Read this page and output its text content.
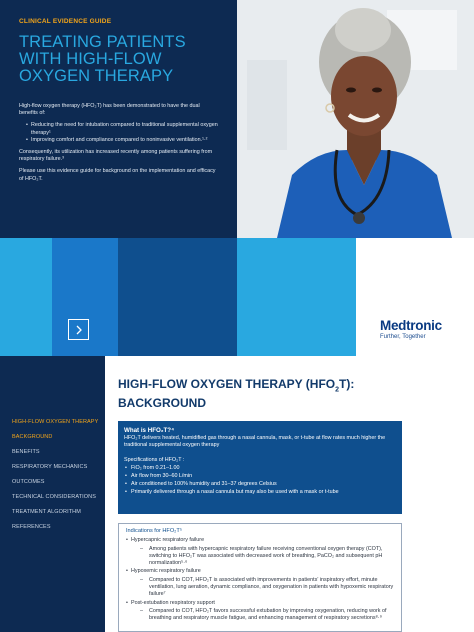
CLINICAL EVIDENCE GUIDE
TREATING PATIENTS
WITH HIGH-FLOW
OXYGEN THERAPY

High-flow oxygen therapy (HFO₂T) has been demonstrated to have the dual benefits of:

• Reducing the need for intubation compared to traditional supplemental oxygen therapy¹
• Improving comfort and compliance compared to noninvasive ventilation.¹·²

Consequently, its utilization has increased recently among patients suffering from respiratory failure.³

Please use this evidence guide for background on the implementation and efficacy of HFO₂T.

Medtronic
Further, Together
HIGH-FLOW OXYGEN THERAPY
BACKGROUND
BENEFITS
RESPIRATORY MECHANICS
OUTCOMES
TECHNICAL CONSIDERATIONS
TREATMENT ALGORITHM
REFERENCES
HIGH-FLOW OXYGEN THERAPY $(HFO_2T)$:
BACKGROUND
What is HFO₂T?⁴

HFO₂T delivers heated, humidified gas through a nasal cannula, mask, or t-tube at flow rates much higher the traditional supplemental oxygen therapy

Specifications of HFO₂T :

• FiO₂ from 0.21–1.00
• Air flow from 30–60 L/min
• Air conditioned to 100% humidity and 31–37 degrees Celsius
• Primarily delivered through a nasal cannula but may also be used with a mask or t-tube
Indications for HFO₂T⁵
• Hypercapnic respiratory failure
– Among patients with hypercapnic respiratory failure receiving conventional oxygen therapy (COT), switching to HFO₂T was associated with decreased work of breathing, PaCO₂ and subsequent pH normalization⁵·⁶
• Hypoxemic respiratory failure
– Compared to COT, HFO₂T is associated with improvements in patients’ inspiratory effort, minute ventilation, lung aeration, dynamic compliance, and oxygenation in patients with hypoxemic respiratory failure⁷
• Post-extubation respiratory support
– Compared to COT, HFO₂T favors successful extubation by improving oxygenation, reducing work of breathing and respiratory muscle fatigue, and enhancing management of respiratory secretions⁸·⁹
